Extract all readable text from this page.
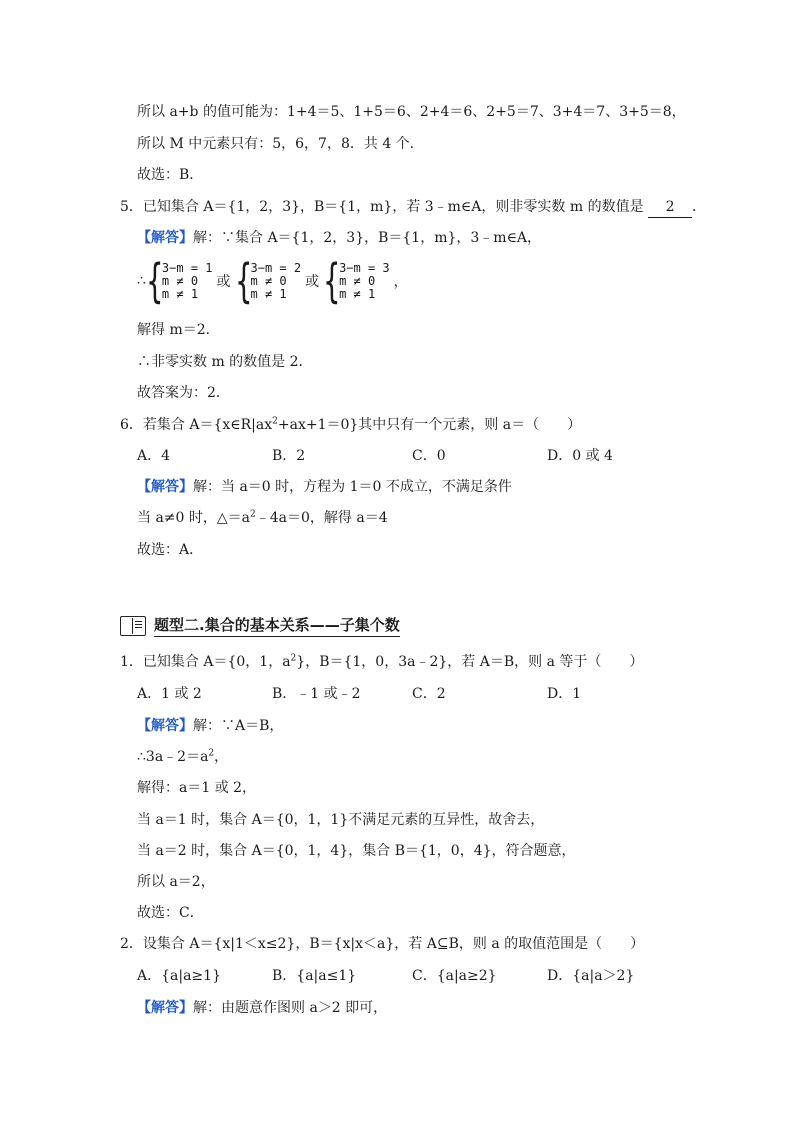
所以 a+b 的值可能为：1+4＝5、1+5＝6、2+4＝6、2+5＝7、3+4＝7、3+5＝8，
所以 M 中元素只有：5，6，7，8．共 4 个．
故选：B．
5．已知集合 A＝{1，2，3}，B＝{1，m}，若 3﹣m∈A，则非零实数 m 的数值是 2 ．
【解答】解：∵集合 A＝{1，2，3}，B＝{1，m}，3﹣m∈A，
∴ {
3−m = 1
m ≠ 0
m ≠ 1
或 {
3−m = 2
m ≠ 0
m ≠ 1
或 {
3−m = 3
m ≠ 0
m ≠ 1
，
解得 m＝2．
∴非零实数 m 的数值是 2．
故答案为：2．
6．若集合 $A=\{x\in R|ax^2+ax+1=0\}$其中只有一个元素，则 a＝（　　）
A．4	B．2	C．0	D．0 或 4
【解答】解：当 a＝0 时，方程为 1＝0 不成立，不满足条件
当 a≠0 时，$\triangle=a^2﹣4a=0$，解得 a＝4
故选：A．
题型二.集合的基本关系——子集个数
1．已知集合 A＝{0，1，$a^2$}，B＝{1，0，3a﹣2}，若 A＝B，则 a 等于（　　）
A．1 或 2	B．﹣1 或﹣2	C．2	D．1
【解答】解：∵A＝B，
$\therefore 3a﹣2=a^2$，
解得：a＝1 或 2，
当 a＝1 时，集合 A＝{0，1，1}不满足元素的互异性，故舍去，
当 a＝2 时，集合 A＝{0，1，4}，集合 B＝{1，0，4}，符合题意，
所以 a＝2，
故选：C．
2．设集合 A＝{x|1＜x≤2}，B＝{x|x＜a}，若 A⊆B，则 a 的取值范围是（　　）
A．{a|a≥1}	B．{a|a≤1}	C．{a|a≥2}	D．{a|a＞2}
【解答】解：由题意作图则 a＞2 即可，
